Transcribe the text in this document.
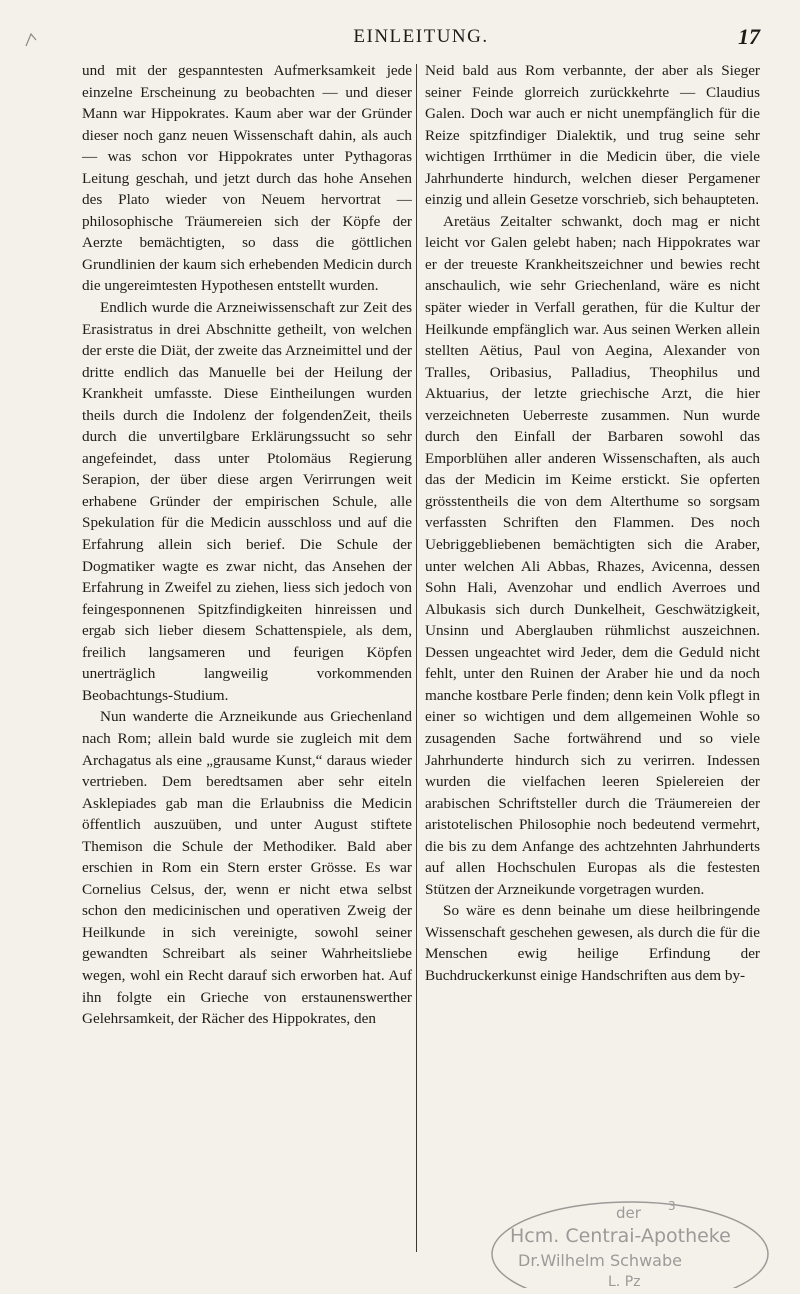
EINLEITUNG.	17

und mit der gespanntesten Aufmerksamkeit jede einzelne Erscheinung zu beobachten — und dieser Mann war Hippokrates. Kaum aber war der Gründer dieser noch ganz neuen Wissenschaft dahin, als auch — was schon vor Hippokrates unter Pythagoras Leitung geschah, und jetzt durch das hohe Ansehen des Plato wieder von Neuem hervortrat — philosophische Träumereien sich der Köpfe der Aerzte bemächtigten, so dass die göttlichen Grundlinien der kaum sich erhebenden Medicin durch die ungereimtesten Hypothesen entstellt wurden.

Endlich wurde die Arzneiwissenschaft zur Zeit des Erasistratus in drei Abschnitte getheilt, von welchen der erste die Diät, der zweite das Arzneimittel und der dritte endlich das Manuelle bei der Heilung der Krankheit umfasste. Diese Eintheilungen wurden theils durch die Indolenz der folgendenZeit, theils durch die unvertilgbare Erklärungssucht so sehr angefeindet, dass unter Ptolomäus Regierung Serapion, der über diese argen Verirrungen weit erhabene Gründer der empirischen Schule, alle Spekulation für die Medicin ausschloss und auf die Erfahrung allein sich berief. Die Schule der Dogmatiker wagte es zwar nicht, das Ansehen der Erfahrung in Zweifel zu ziehen, liess sich jedoch von feingesponnenen Spitzfindigkeiten hinreissen und ergab sich lieber diesem Schattenspiele, als dem, freilich langsameren und feurigen Köpfen unerträglich langweilig vorkommenden Beobachtungs-Studium.

Nun wanderte die Arzneikunde aus Griechenland nach Rom; allein bald wurde sie zugleich mit dem Archagatus als eine „grausame Kunst,“ daraus wieder vertrieben. Dem beredtsamen aber sehr eiteln Asklepiades gab man die Erlaubniss die Medicin öffentlich auszuüben, und unter August stiftete Themison die Schule der Methodiker. Bald aber erschien in Rom ein Stern erster Grösse. Es war Cornelius Celsus, der, wenn er nicht etwa selbst schon den medicinischen und operativen Zweig der Heilkunde in sich vereinigte, sowohl seiner gewandten Schreibart als seiner Wahrheitsliebe wegen, wohl ein Recht darauf sich erworben hat. Auf ihn folgte ein Grieche von erstaunenswerther Gelehrsamkeit, der Rächer des Hippokrates, den

Neid bald aus Rom verbannte, der aber als Sieger seiner Feinde glorreich zurückkehrte — Claudius Galen. Doch war auch er nicht unempfänglich für die Reize spitzfindiger Dialektik, und trug seine sehr wichtigen Irrthümer in die Medicin über, die viele Jahrhunderte hindurch, welchen dieser Pergamener einzig und allein Gesetze vorschrieb, sich behaupteten.

Aretäus Zeitalter schwankt, doch mag er nicht leicht vor Galen gelebt haben; nach Hippokrates war er der treueste Krankheitszeichner und bewies recht anschaulich, wie sehr Griechenland, wäre es nicht später wieder in Verfall gerathen, für die Kultur der Heilkunde empfänglich war. Aus seinen Werken allein stellten Aëtius, Paul von Aegina, Alexander von Tralles, Oribasius, Palladius, Theophilus und Aktuarius, der letzte griechische Arzt, die hier verzeichneten Ueberreste zusammen. Nun wurde durch den Einfall der Barbaren sowohl das Emporblühen aller anderen Wissenschaften, als auch das der Medicin im Keime erstickt. Sie opferten grösstentheils die von dem Alterthume so sorgsam verfassten Schriften den Flammen. Des noch Uebriggebliebenen bemächtigten sich die Araber, unter welchen Ali Abbas, Rhazes, Avicenna, dessen Sohn Hali, Avenzohar und endlich Averroes und Albukasis sich durch Dunkelheit, Geschwätzigkeit, Unsinn und Aberglauben rühmlichst auszeichnen. Dessen ungeachtet wird Jeder, dem die Geduld nicht fehlt, unter den Ruinen der Araber hie und da noch manche kostbare Perle finden; denn kein Volk pflegt in einer so wichtigen und dem allgemeinen Wohle so zusagenden Sache fortwährend und so viele Jahrhunderte hindurch sich zu verirren. Indessen wurden die vielfachen leeren Spielereien der arabischen Schriftsteller durch die Träumereien der aristotelischen Philosophie noch bedeutend vermehrt, die bis zu dem Anfange des achtzehnten Jahrhunderts auf allen Hochschulen Europas als die festesten Stützen der Arzneikunde vorgetragen wurden.

So wäre es denn beinahe um diese heilbringende Wissenschaft geschehen gewesen, als durch die für die Menschen ewig heilige Erfindung der Buchdruckerkunst einige Handschriften aus dem by-

der 3
Hcm. Centrai-Apotheke
Dr.Wilhelm Schwabe
L. Pz
